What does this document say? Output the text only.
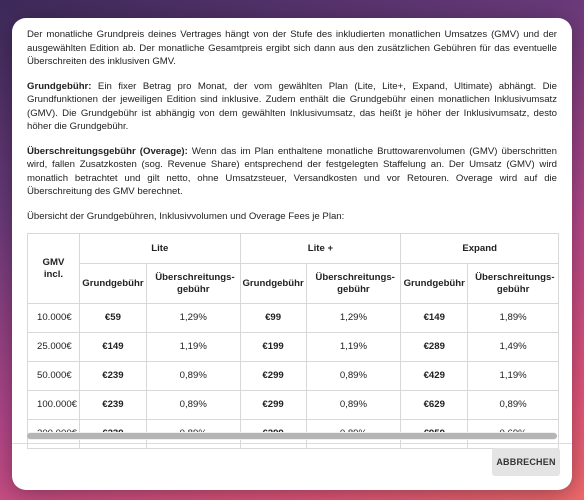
Der monatliche Grundpreis deines Vertrages hängt von der Stufe des inkludierten monatlichen Umsatzes (GMV) und der ausgewählten Edition ab. Der monatliche Gesamtpreis ergibt sich dann aus den zusätzlichen Gebühren für das eventuelle Überschreiten des inklusiven GMV.

Grundgebühr: Ein fixer Betrag pro Monat, der vom gewählten Plan (Lite, Lite+, Expand, Ultimate) abhängt. Die Grundfunktionen der jeweiligen Edition sind inklusive. Zudem enthält die Grundgebühr einen monatlichen Inklusivumsatz (GMV). Die Grundgebühr ist abhängig von dem gewählten Inklusivumsatz, das heißt je höher der Inklusivumsatz, desto höher die Grundgebühr.

Überschreitungsgebühr (Overage): Wenn das im Plan enthaltene monatliche Bruttowarenvolumen (GMV) überschritten wird, fallen Zusatzkosten (sog. Revenue Share) entsprechend der festgelegten Staffelung an. Der Umsatz (GMV) wird monatlich betrachtet und gilt netto, ohne Umsatzsteuer, Versandkosten und vor Retouren. Overage wird auf die Überschreitung des GMV berechnet.

Übersicht der Grundgebühren, Inklusivvolumen und Overage Fees je Plan:

GMV incl.	Lite		Lite +		Expand	
	Grundgebühr	Überschreitungs-gebühr	Grundgebühr	Überschreitungs-gebühr	Grundgebühr	Überschreitungs-gebühr

10.000€	€59	1,29%	€99	1,29%	€149	1,89%
25.000€	€149	1,19%	€199	1,19%	€289	1,49%
50.000€	€239	0,89%	€299	0,89%	€429	1,19%
100.000€	€239	0,89%	€299	0,89%	€629	0,89%

ABBRECHEN
